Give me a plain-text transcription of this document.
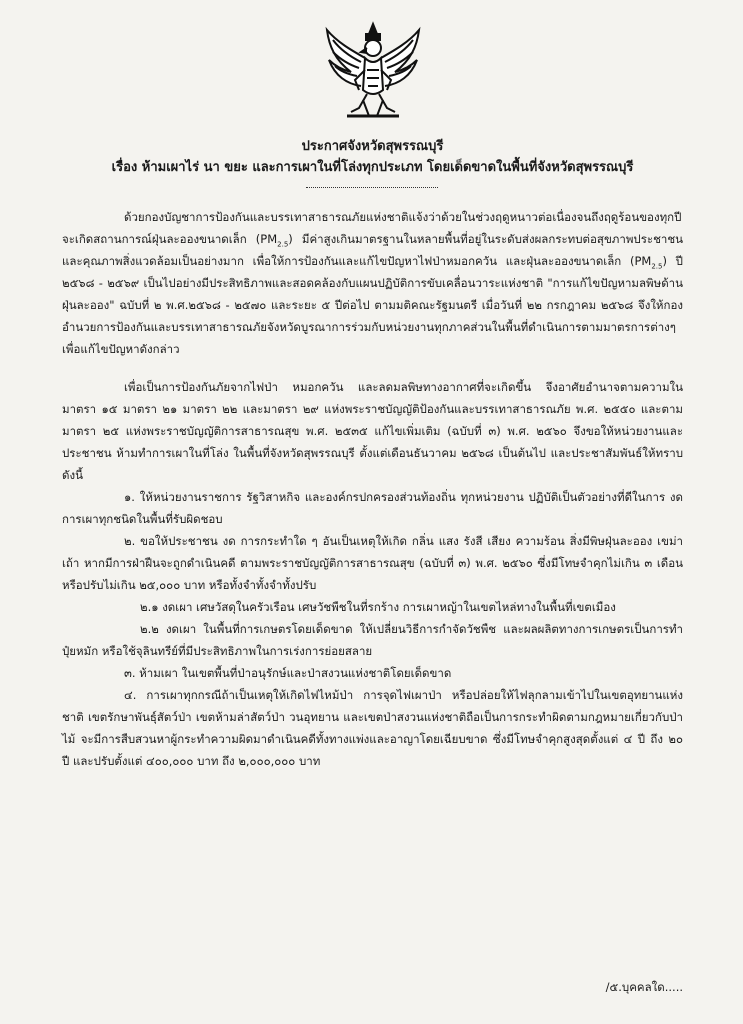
ประกาศจังหวัดสุพรรณบุรี
เรื่อง ห้ามเผาไร่ นา ขยะ และการเผาในที่โล่งทุกประเภท โดยเด็ดขาดในพื้นที่จังหวัดสุพรรณบุรี

ด้วยกองบัญชาการป้องกันและบรรเทาสาธารณภัยแห่งชาติแจ้งว่าด้วยในช่วงฤดูหนาวต่อเนื่องจนถึงฤดูร้อนของทุกปีจะเกิดสถานการณ์ฝุ่นละอองขนาดเล็ก $(PM_{2.5})$ มีค่าสูงเกินมาตรฐานในหลายพื้นที่อยู่ในระดับส่งผลกระทบต่อสุขภาพประชาชนและคุณภาพสิ่งแวดล้อมเป็นอย่างมาก เพื่อให้การป้องกันและแก้ไขปัญหาไฟป่าหมอกควัน และฝุ่นละอองขนาดเล็ก $(PM_{2.5})$ ปี ๒๕๖๘ - ๒๕๖๙ เป็นไปอย่างมีประสิทธิภาพและสอดคล้องกับแผนปฏิบัติการขับเคลื่อนวาระแห่งชาติ "การแก้ไขปัญหามลพิษด้านฝุ่นละออง" ฉบับที่ ๒ พ.ศ.๒๕๖๘ - ๒๕๗๐ และระยะ ๕ ปีต่อไป ตามมติคณะรัฐมนตรี เมื่อวันที่ ๒๒ กรกฎาคม ๒๕๖๘ จึงให้กองอำนวยการป้องกันและบรรเทาสาธารณภัยจังหวัดบูรณาการร่วมกับหน่วยงานทุกภาคส่วนในพื้นที่ดำเนินการตามมาตรการต่างๆ เพื่อแก้ไขปัญหาดังกล่าว

เพื่อเป็นการป้องกันภัยจากไฟป่า หมอกควัน และลดมลพิษทางอากาศที่จะเกิดขึ้น จึงอาศัยอำนาจตามความในมาตรา ๑๕ มาตรา ๒๑ มาตรา ๒๒ และมาตรา ๒๙ แห่งพระราชบัญญัติป้องกันและบรรเทาสาธารณภัย พ.ศ. ๒๕๕๐ และตามมาตรา ๒๕ แห่งพระราชบัญญัติการสาธารณสุข พ.ศ. ๒๕๓๕ แก้ไขเพิ่มเติม (ฉบับที่ ๓) พ.ศ. ๒๕๖๐ จึงขอให้หน่วยงานและประชาชน ห้ามทำการเผาในที่โล่ง ในพื้นที่จังหวัดสุพรรณบุรี ตั้งแต่เดือนธันวาคม ๒๕๖๘ เป็นต้นไป และประชาสัมพันธ์ให้ทราบ ดังนี้

๑. ให้หน่วยงานราชการ รัฐวิสาหกิจ และองค์กรปกครองส่วนท้องถิ่น ทุกหน่วยงาน ปฏิบัติเป็นตัวอย่างที่ดีในการ งด การเผาทุกชนิดในพื้นที่รับผิดชอบ

๒. ขอให้ประชาชน งด การกระทำใด ๆ อันเป็นเหตุให้เกิด กลิ่น แสง รังสี เสียง ความร้อน สิ่งมีพิษฝุ่นละออง เขม่า เถ้า หากมีการฝ่าฝืนจะถูกดำเนินคดี ตามพระราชบัญญัติการสาธารณสุข (ฉบับที่ ๓) พ.ศ. ๒๕๖๐ ซึ่งมีโทษจำคุกไม่เกิน ๓ เดือน หรือปรับไม่เกิน ๒๕,๐๐๐ บาท หรือทั้งจำทั้งจำทั้งปรับ

๒.๑ งดเผา เศษวัสดุในครัวเรือน เศษวัชพืชในที่รกร้าง การเผาหญ้าในเขตไหล่ทางในพื้นที่เขตเมือง

๒.๒ งดเผา ในพื้นที่การเกษตรโดยเด็ดขาด ให้เปลี่ยนวิธีการกำจัดวัชพืช และผลผลิตทางการเกษตรเป็นการทำปุ๋ยหมัก หรือใช้จุลินทรีย์ที่มีประสิทธิภาพในการเร่งการย่อยสลาย

๓. ห้ามเผา ในเขตพื้นที่ป่าอนุรักษ์และป่าสงวนแห่งชาติโดยเด็ดขาด

๔. การเผาทุกกรณีถ้าเป็นเหตุให้เกิดไฟไหม้ป่า การจุดไฟเผาป่า หรือปล่อยให้ไฟลุกลามเข้าไปในเขตอุทยานแห่งชาติ เขตรักษาพันธุ์สัตว์ป่า เขตห้ามล่าสัตว์ป่า วนอุทยาน และเขตป่าสงวนแห่งชาติถือเป็นการกระทำผิดตามกฎหมายเกี่ยวกับป่าไม้ จะมีการสืบสวนหาผู้กระทำความผิดมาดำเนินคดีทั้งทางแพ่งและอาญาโดยเฉียบขาด ซึ่งมีโทษจำคุกสูงสุดตั้งแต่ ๔ ปี ถึง ๒๐ ปี และปรับตั้งแต่ ๔๐๐,๐๐๐ บาท ถึง ๒,๐๐๐,๐๐๐ บาท

/๕.บุคคลใด.....
